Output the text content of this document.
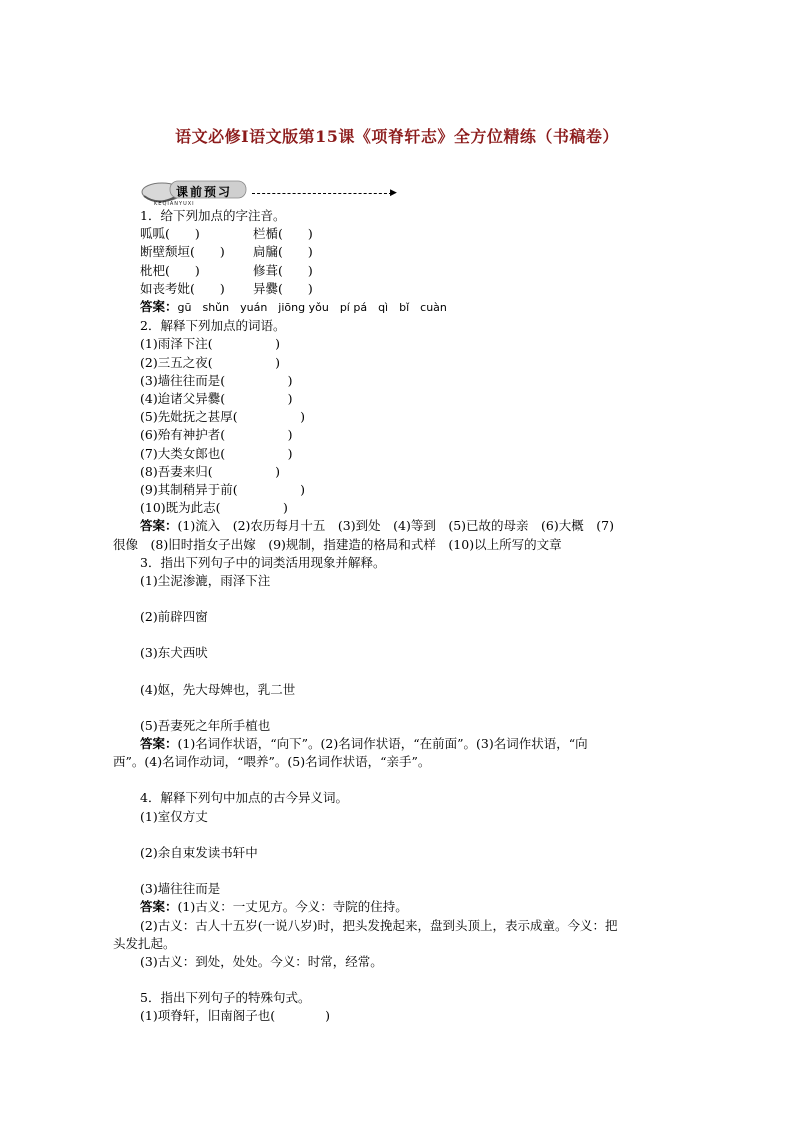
语文必修Ⅰ语文版第15课《项脊轩志》全方位精练（书稿卷）
课前预习
KEQIANYUXI
▶
1．给下列加点的字注音。
呱呱(　　)	栏楯(　　)
断壁颓垣(　　)	扃牖(　　)
枇杷(　　)	修葺(　　)
如丧考妣(　　)	异爨(　　)
答案：gū　shǔn　yuán　jiōng yǒu　pí pá　qì　bǐ　cuàn
2．解释下列加点的词语。
(1)雨泽下注(　　　　　)
(2)三五之夜(　　　　　)
(3)墙往往而是(　　　　　)
(4)迨诸父异爨(　　　　　)
(5)先妣抚之甚厚(　　　　　)
(6)殆有神护者(　　　　　)
(7)大类女郎也(　　　　　)
(8)吾妻来归(　　　　　)
(9)其制稍异于前(　　　　　)
(10)既为此志(　　　　　)
答案：(1)流入　(2)农历每月十五　(3)到处　(4)等到　(5)已故的母亲　(6)大概　(7)
很像　(8)旧时指女子出嫁　(9)规制，指建造的格局和式样　(10)以上所写的文章
3．指出下列句子中的词类活用现象并解释。
(1)尘泥渗漉，雨泽下注
(2)前辟四窗
(3)东犬西吠
(4)妪，先大母婢也，乳二世
(5)吾妻死之年所手植也
答案：(1)名词作状语，“向下”。(2)名词作状语，“在前面”。(3)名词作状语，“向
西”。(4)名词作动词，“喂养”。(5)名词作状语，“亲手”。
4．解释下列句中加点的古今异义词。
(1)室仅方丈
(2)余自束发读书轩中
(3)墙往往而是
答案：(1)古义：一丈见方。今义：寺院的住持。
(2)古义：古人十五岁(一说八岁)时，把头发挽起来，盘到头顶上，表示成童。今义：把
头发扎起。
(3)古义：到处，处处。今义：时常，经常。
5．指出下列句子的特殊句式。
(1)项脊轩，旧南阁子也(　　　　)
